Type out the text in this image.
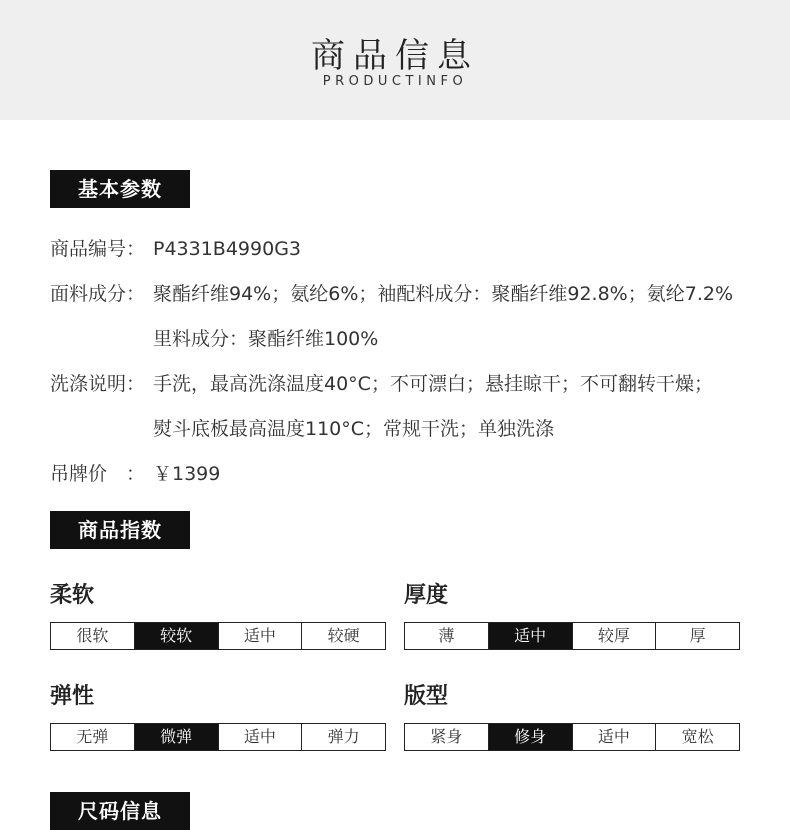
商品信息
PRODUCTINFO
基本参数
商品编号： P4331B4990G3
面料成分： 聚酯纤维94%；氨纶6%；袖配料成分：聚酯纤维92.8%；氨纶7.2%
里料成分：聚酯纤维100%
洗涤说明： 手洗，最高洗涤温度40°C；不可漂白；悬挂晾干；不可翻转干燥；
熨斗底板最高温度110°C；常规干洗；单独洗涤
吊牌价　： ￥1399
商品指数
柔软
很软	较软	适中	较硬
厚度
薄	适中	较厚	厚
弹性
无弹	微弹	适中	弹力
版型
紧身	修身	适中	宽松
尺码信息
